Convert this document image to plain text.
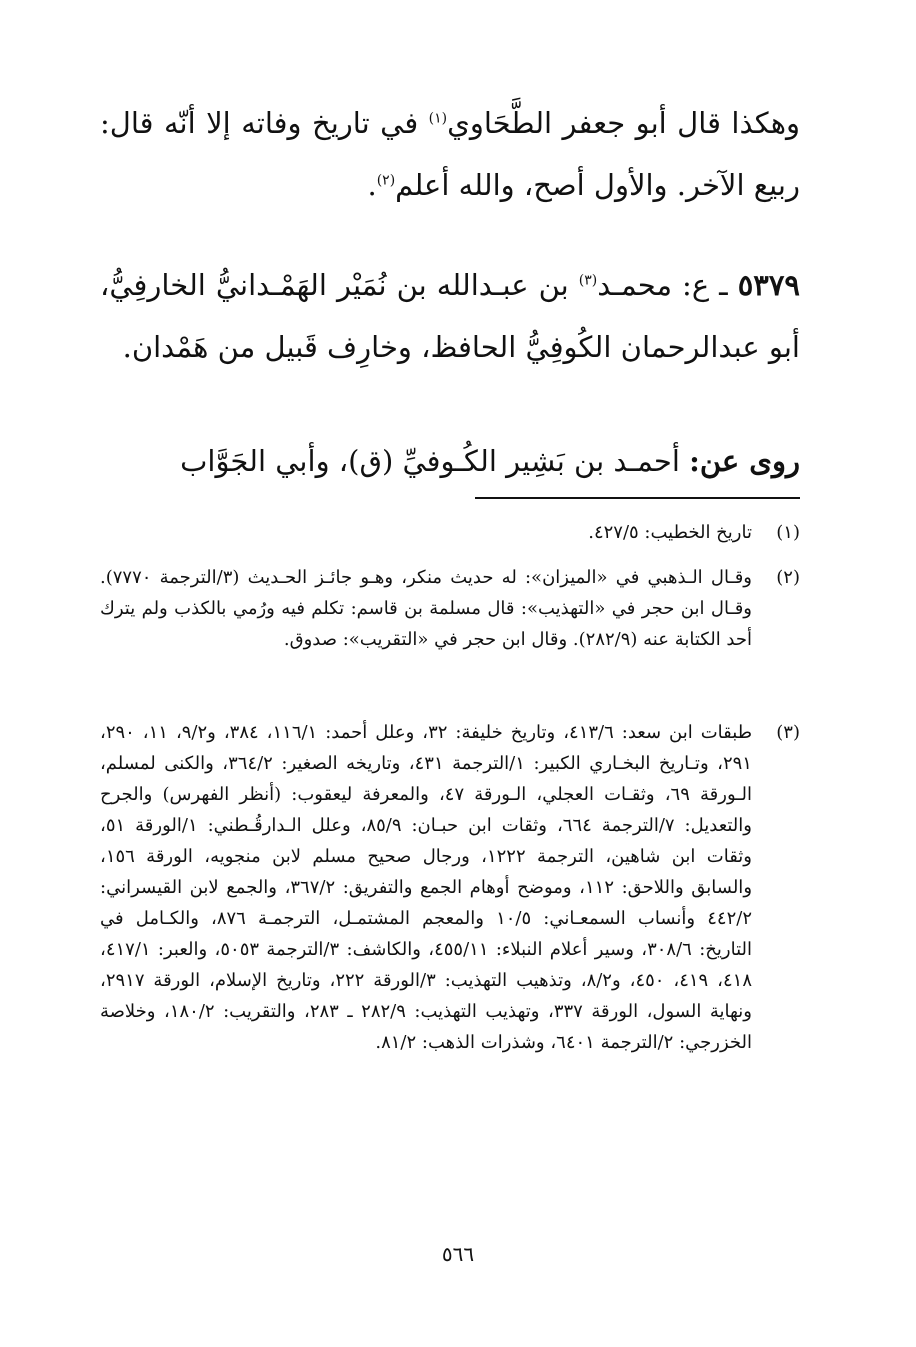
وهكذا قال أبو جعفر الطَّحَاوي$^{(١)}$ في تاريخ وفاته إلا أنّه قال: ربيع الآخر. والأول أصح، والله أعلم$^{(٢)}$.

٥٣٧٩ ـ ع: محمـد$^{(٣)}$ بن عبـدالله بن نُمَيْر الهَمْـدانيُّ الخارفِيُّ، أبو عبدالرحمان الكُوفِيُّ الحافظ، وخارِف قَبيل من هَمْدان.

روى عن: أحمـد بن بَشِير الكُـوفيِّ (ق)، وأبي الجَوَّاب

(١)
تاريخ الخطيب: ٤٢٧/٥.
(٢)
وقـال الـذهبي في «الميزان»: له حديث منكر، وهـو جائـز الحـديث (٣/الترجمة ٧٧٧٠). وقـال ابن حجر في «التهذيب»: قال مسلمة بن قاسم: تكلم فيه ورُمي بالكذب ولم يترك أحد الكتابة عنه (٢٨٢/٩). وقال ابن حجر في «التقريب»: صدوق.
(٣)
طبقات ابن سعد: ٤١٣/٦، وتاريخ خليفة: ٣٢، وعلل أحمد: ١١٦/١، ٣٨٤، و٩/٢، ١١، ٢٩٠، ٢٩١، وتـاريخ البخـاري الكبير: ١/الترجمة ٤٣١، وتاريخه الصغير: ٣٦٤/٢، والكنى لمسلم، الـورقة ٦٩، وثقـات العجلي، الـورقة ٤٧، والمعرفة ليعقوب: (أنظر الفهرس) والجرح والتعديل: ٧/الترجمة ٦٦٤، وثقات ابن حبـان: ٨٥/٩، وعلل الـدارقُـطني: ١/الورقة ٥١، وثقات ابن شاهين، الترجمة ١٢٢٢، ورجال صحيح مسلم لابن منجويه، الورقة ١٥٦، والسابق واللاحق: ١١٢، وموضح أوهام الجمع والتفريق: ٣٦٧/٢، والجمع لابن القيسراني: ٤٤٢/٢ وأنساب السمعـاني: ١٠/٥ والمعجم المشتمـل، الترجمـة ٨٧٦، والكـامل في التاريخ: ٣٠٨/٦، وسير أعلام النبلاء: ٤٥٥/١١، والكاشف: ٣/الترجمة ٥٠٥٣، والعبر: ٤١٧/١، ٤١٨، ٤١٩، ٤٥٠، و٨/٢، وتذهيب التهذيب: ٣/الورقة ٢٢٢، وتاريخ الإسلام، الورقة ٢٩١٧، ونهاية السول، الورقة ٣٣٧، وتهذيب التهذيب: ٢٨٢/٩ ـ ٢٨٣، والتقريب: ١٨٠/٢، وخلاصة الخزرجي: ٢/الترجمة ٦٤٠١، وشذرات الذهب: ٨١/٢.
٥٦٦
